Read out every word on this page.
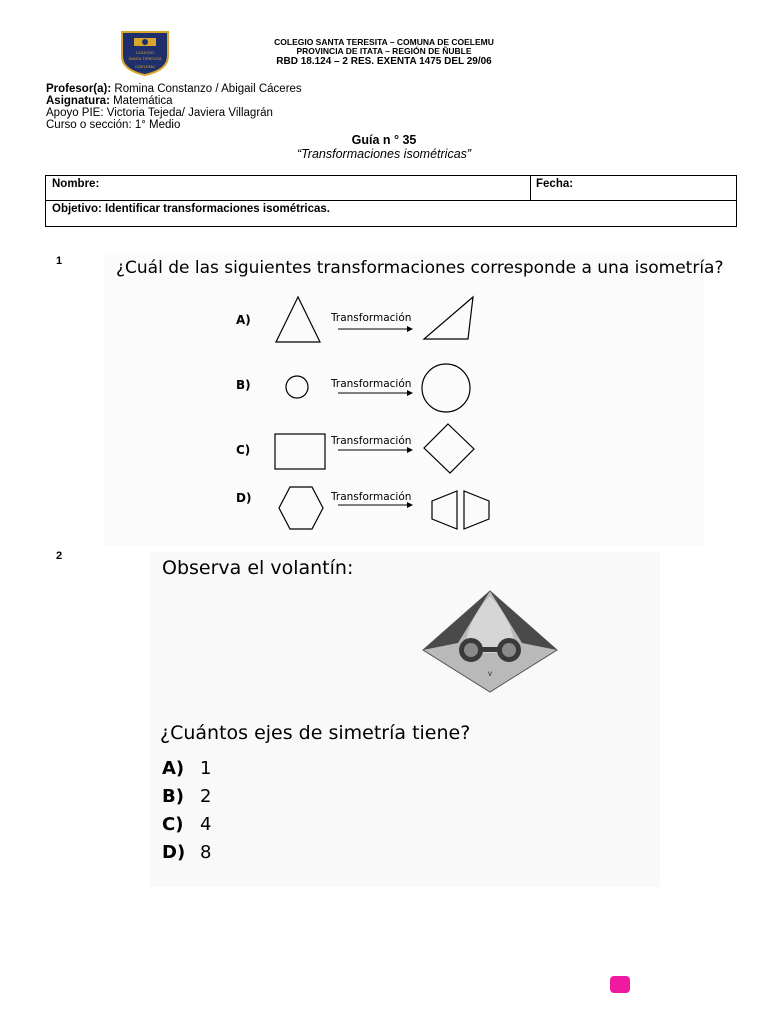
COLEGIO
SANTA TERESITA
COELEMU
COLEGIO SANTA TERESITA – COMUNA DE COELEMU
PROVINCIA DE ITATA – REGIÓN DE ÑUBLE
RBD 18.124 – 2 RES. EXENTA 1475 DEL 29/06
Profesor(a): Romina Constanzo / Abigail Cáceres
Asignatura: Matemática
Apoyo PIE: Victoria Tejeda/ Javiera Villagrán
Curso o sección: 1° Medio
Guía n ° 35
“Transformaciones isométricas”
Nombre:	Fecha:
Objetivo: Identificar transformaciones isométricas.
1	¿Cuál de las siguientes transformaciones corresponde a una isometría?
A)
B)
C)
D)
Transformación
Transformación
Transformación
Transformación
2
Observa el volantín:
v
¿Cuántos ejes de simetría tiene?
A) 1
B) 2
C) 4
D) 8
